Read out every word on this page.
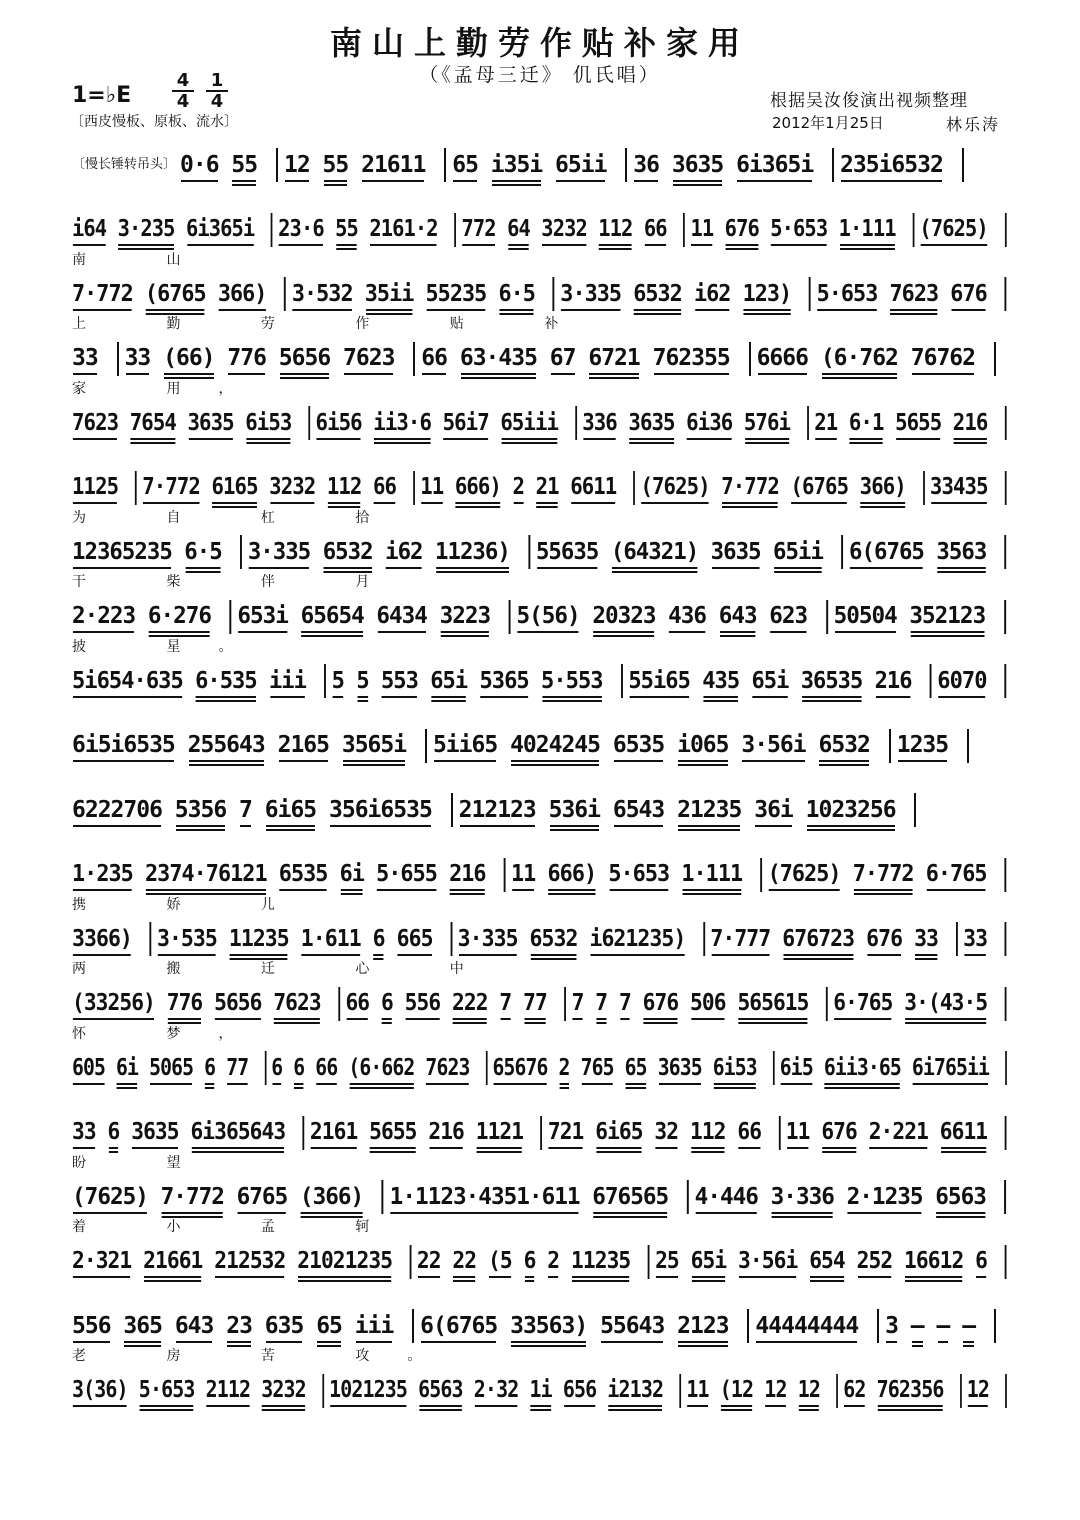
南山上勤劳作贴补家用
（《孟母三迁》 仉氏唱）
1=♭E
4
4
1
4
〔西皮慢板、原板、流水〕
根据吴汝俊演出视频整理
2012年1月25日	林乐涛
〔慢长锤转吊头〕 0·6 55 12 55 21611 65 i35i 65ii 36 3635 6i365i 235i6532
i64 3·235 6i365i 23·6 55 2161·2 772 64 3232 112 66 11 676 5·653 1·111 (7625)
南 山
7·772 (6765 366) 3·532 35ii 55235 6·5 3·335 6532 i62 123) 5·653 7623 676
上 勤 劳 作 贴 补
33 33 (66) 776 5656 7623 66 63·435 67 6721 762355 6666 (6·762 76762
家 用，
7623 7654 3635 6i53 6i56 ii3·6 56i7 65iii 336 3635 6i36 576i 21 6·1 5655 216
1125 7·772 6165 3232 112 66 11 666) 2 21 6611 (7625) 7·772 (6765 366) 33435
为 自 杠 拾
12365235 6·5 3·335 6532 i62 11236) 55635 (64321) 3635 65ii 6(6765 3563
干 柴 伴 月
2·223 6·276 653i 65654 6434 3223 5(56) 20323 436 643 623 50504 352123
披 星。
5i654·635 6·535 iii 5 5 553 65i 5365 5·553 55i65 435 65i 36535 216 6070
6i5i6535 255643 2165 3565i 5ii65 4024245 6535 i065 3·56i 6532 1235
6222706 5356 7 6i65 356i6535 212123 536i 6543 21235 36i 1023256
1·235 2374·76121 6535 6i 5·655 216 11 666) 5·653 1·111 (7625) 7·772 6·765
携 娇 儿
3366) 3·535 11235 1·611 6 665 3·335 6532 i621235) 7·777 676723 676 33 33
两 搬 迁 心 中
(33256) 776 5656 7623 66 6 556 222 7 77 7 7 7 676 506 565615 6·765 3·(43·5
怀 梦，
605 6i 5065 6 77 6 6 66 (6·662 7623 65676 2 765 65 3635 6i53 6i5 6ii3·65 6i765ii
33 6 3635 6i365643 2161 5655 216 1121 721 6i65 32 112 66 11 676 2·221 6611
盼 望
(7625) 7·772 6765 (366) 1·1123·4351·611 676565 4·446 3·336 2·1235 6563
着 小 孟 轲
2·321 21661 212532 21021235 22 22 (5 6 2 11235 25 65i 3·56i 654 252 16612 6
556 365 643 23 635 65 iii 6(6765 33563) 55643 2123 44444444 3 — — —
老 房 苦 攻。
3(36) 5·653 2112 3232 1021235 6563 2·32 1i 656 i2132 11 (12 12 12 62 762356 12
